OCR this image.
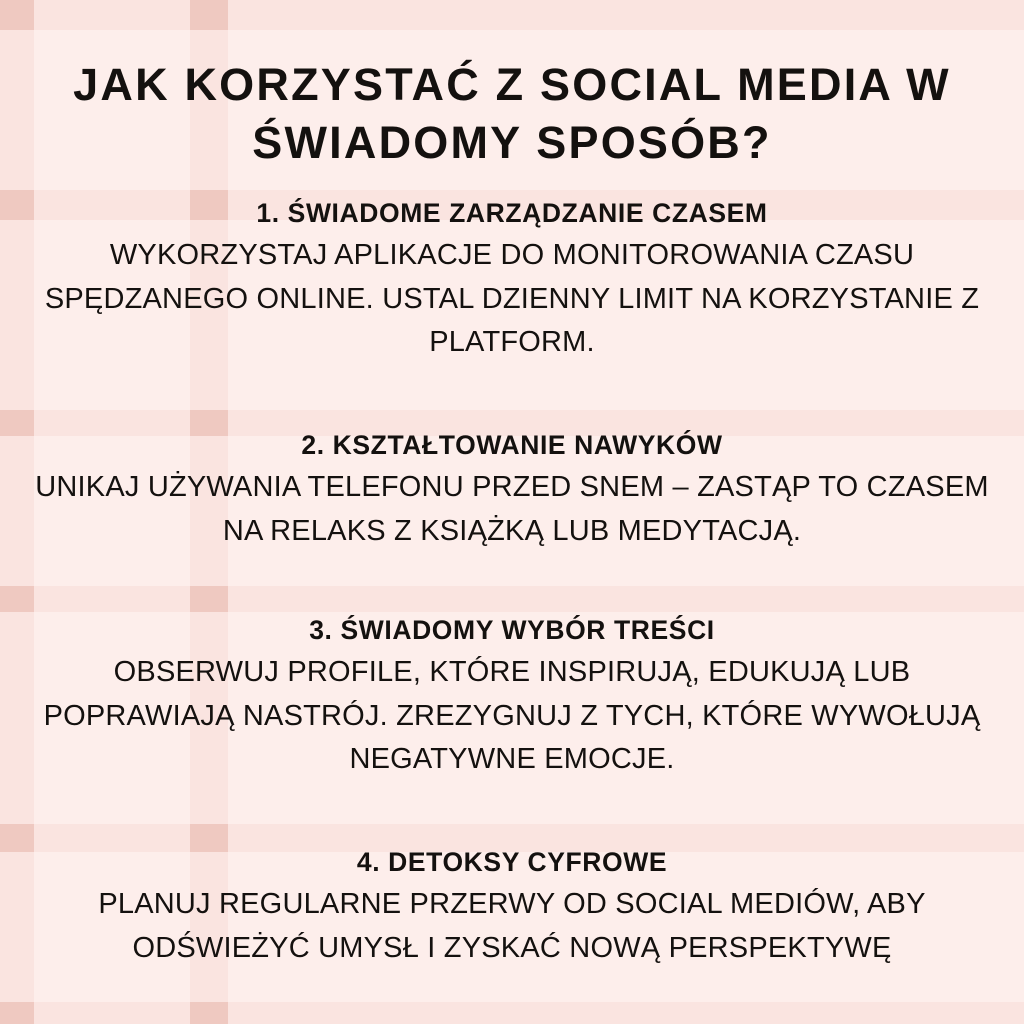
JAK KORZYSTAĆ Z SOCIAL MEDIA W ŚWIADOMY SPOSÓB?

1. ŚWIADOME ZARZĄDZANIE CZASEM

WYKORZYSTAJ APLIKACJE DO MONITOROWANIA CZASU SPĘDZANEGO ONLINE. USTAL DZIENNY LIMIT NA KORZYSTANIE Z PLATFORM.

2. KSZTAŁTOWANIE NAWYKÓW

UNIKAJ UŻYWANIA TELEFONU PRZED SNEM – ZASTĄP TO CZASEM NA RELAKS Z KSIĄŻKĄ LUB MEDYTACJĄ.

3. ŚWIADOMY WYBÓR TREŚCI

OBSERWUJ PROFILE, KTÓRE INSPIRUJĄ, EDUKUJĄ LUB POPRAWIAJĄ NASTRÓJ. ZREZYGNUJ Z TYCH, KTÓRE WYWOŁUJĄ NEGATYWNE EMOCJE.

4. DETOKSY CYFROWE

PLANUJ REGULARNE PRZERWY OD SOCIAL MEDIÓW, ABY ODŚWIEŻYĆ UMYSŁ I ZYSKAĆ NOWĄ PERSPEKTYWĘ
